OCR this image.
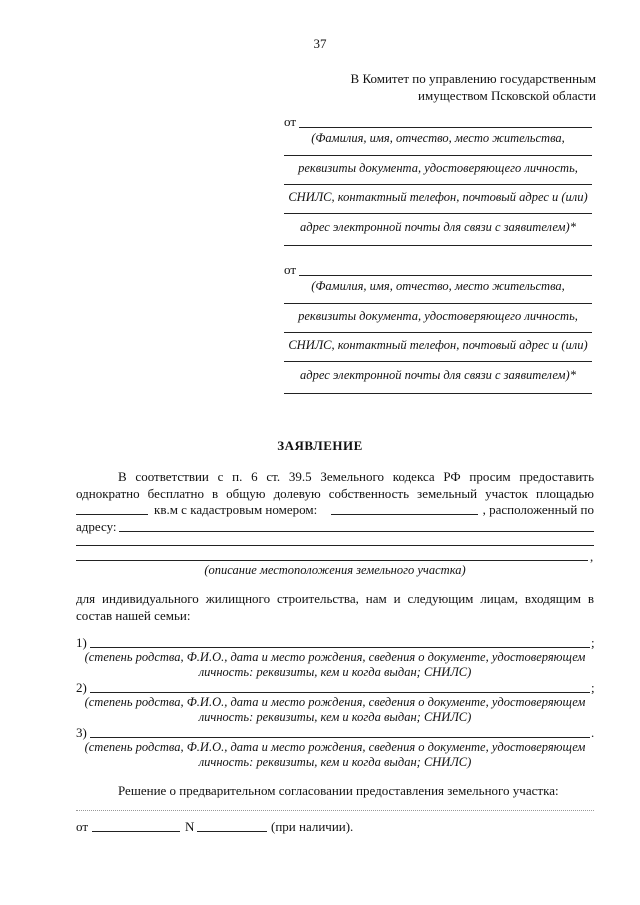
37
В Комитет по управлению государственным
имуществом Псковской области
от
(Фамилия, имя, отчество, место жительства,
реквизиты документа, удостоверяющего личность,
СНИЛС, контактный телефон, почтовый адрес и (или)
адрес электронной почты для связи с заявителем)*
от
(Фамилия, имя, отчество, место жительства,
реквизиты документа, удостоверяющего личность,
СНИЛС, контактный телефон, почтовый адрес и (или)
адрес электронной почты для связи с заявителем)*
ЗАЯВЛЕНИЕ
В соответствии с п. 6 ст. 39.5 Земельного кодекса РФ просим предоставить
однократно бесплатно в общую долевую собственность земельный участок площадью
кв.м с кадастровым номером:	, расположенный по
адресу:
,
(описание местоположения земельного участка)
для индивидуального жилищного строительства, нам и следующим лицам, входящим в
состав нашей семьи:
1)	;
(степень родства, Ф.И.О., дата и место рождения, сведения о документе, удостоверяющем
личность: реквизиты, кем и когда выдан; СНИЛС)
2)	;
(степень родства, Ф.И.О., дата и место рождения, сведения о документе, удостоверяющем
личность: реквизиты, кем и когда выдан; СНИЛС)
3)	.
(степень родства, Ф.И.О., дата и место рождения, сведения о документе, удостоверяющем
личность: реквизиты, кем и когда выдан; СНИЛС)
Решение о предварительном согласовании предоставления земельного участка:
от	N	(при наличии).
